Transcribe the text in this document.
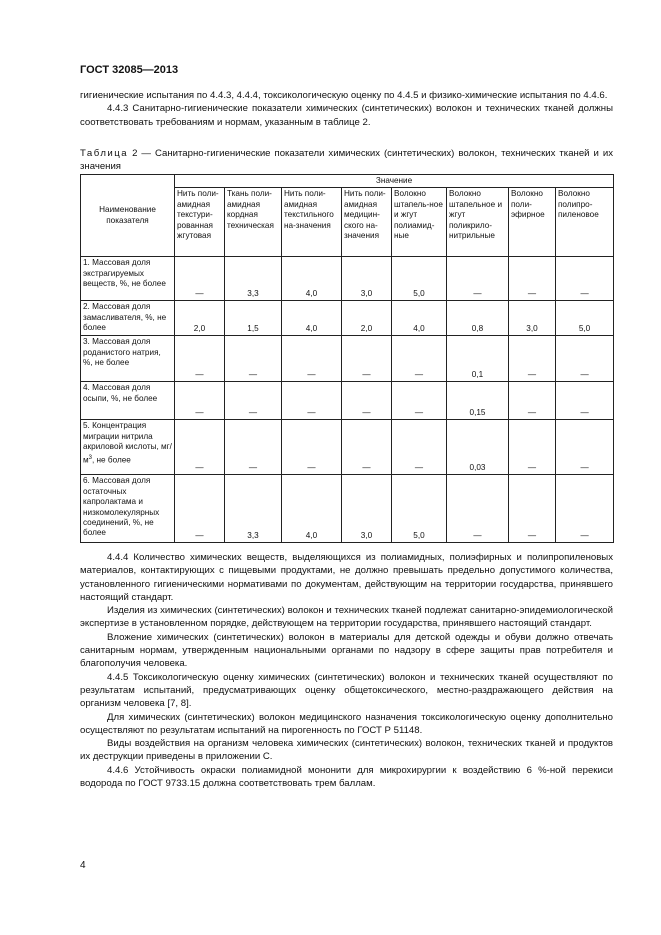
ГОСТ 32085—2013

гигиенические испытания по 4.4.3, 4.4.4, токсикологическую оценку по 4.4.5 и физико-химические испытания по 4.4.6.

4.4.3 Санитарно-гигиенические показатели химических (синтетических) волокон и технических тканей должны соответствовать требованиям и нормам, указанным в таблице 2.

Таблица 2 — Санитарно-гигиенические показатели химических (синтетических) волокон, технических тканей и их значения

Наименование показателя	Значение							
	Нить поли-амидная текстури-рованная жгутовая	Ткань поли-амидная кордная техническая	Нить поли-амидная текстильного на-значения	Нить поли-амидная медицин-ского на-значения	Волокно штапель-ное и жгут полиамид-ные	Волокно штапельное и жгут поликрило-нитрильные	Волокно поли-эфирное	Волокно полипро-пиленовое
1. Массовая доля экстрагируемых веществ, %, не более	—	3,3	4,0	3,0	5,0	—	—	—
2. Массовая доля замасливателя, %, не более	2,0	1,5	4,0	2,0	4,0	0,8	3,0	5,0
3. Массовая доля роданистого натрия, %, не более	—	—	—	—	—	0,1	—	—
4. Массовая доля осыпи, %, не более	—	—	—	—	—	0,15	—	—
5. Концентрация миграции нитрила акриловой кислоты, мг/ $м^3$, не более	—	—	—	—	—	0,03	—	—
6. Массовая доля остаточных капролактама и низкомолекулярных соединений, %, не более	—	3,3	4,0	3,0	5,0	—	—	—

4.4.4 Количество химических веществ, выделяющихся из полиамидных, полиэфирных и полипропиленовых материалов, контактирующих с пищевыми продуктами, не должно превышать предельно допустимого количества, установленного гигиеническими нормативами по документам, действующим на территории государства, принявшего настоящий стандарт.

Изделия из химических (синтетических) волокон и технических тканей подлежат санитарно-эпидемиологической экспертизе в установленном порядке, действующем на территории государства, принявшего настоящий стандарт.

Вложение химических (синтетических) волокон в материалы для детской одежды и обуви должно отвечать санитарным нормам, утвержденным национальными органами по надзору в сфере защиты прав потребителя и благополучия человека.

4.4.5 Токсикологическую оценку химических (синтетических) волокон и технических тканей осуществляют по результатам испытаний, предусматривающих оценку общетоксического, местно-раздражающего действия на организм человека [7, 8].

Для химических (синтетических) волокон медицинского назначения токсикологическую оценку дополнительно осуществляют по результатам испытаний на пирогенность по ГОСТ Р 51148.

Виды воздействия на организм человека химических (синтетических) волокон, технических тканей и продуктов их деструкции приведены в приложении С.

4.4.6 Устойчивость окраски полиамидной мононити для микрохирургии к воздействию 6 %-ной перекиси водорода по ГОСТ 9733.15 должна соответствовать трем баллам.

4
